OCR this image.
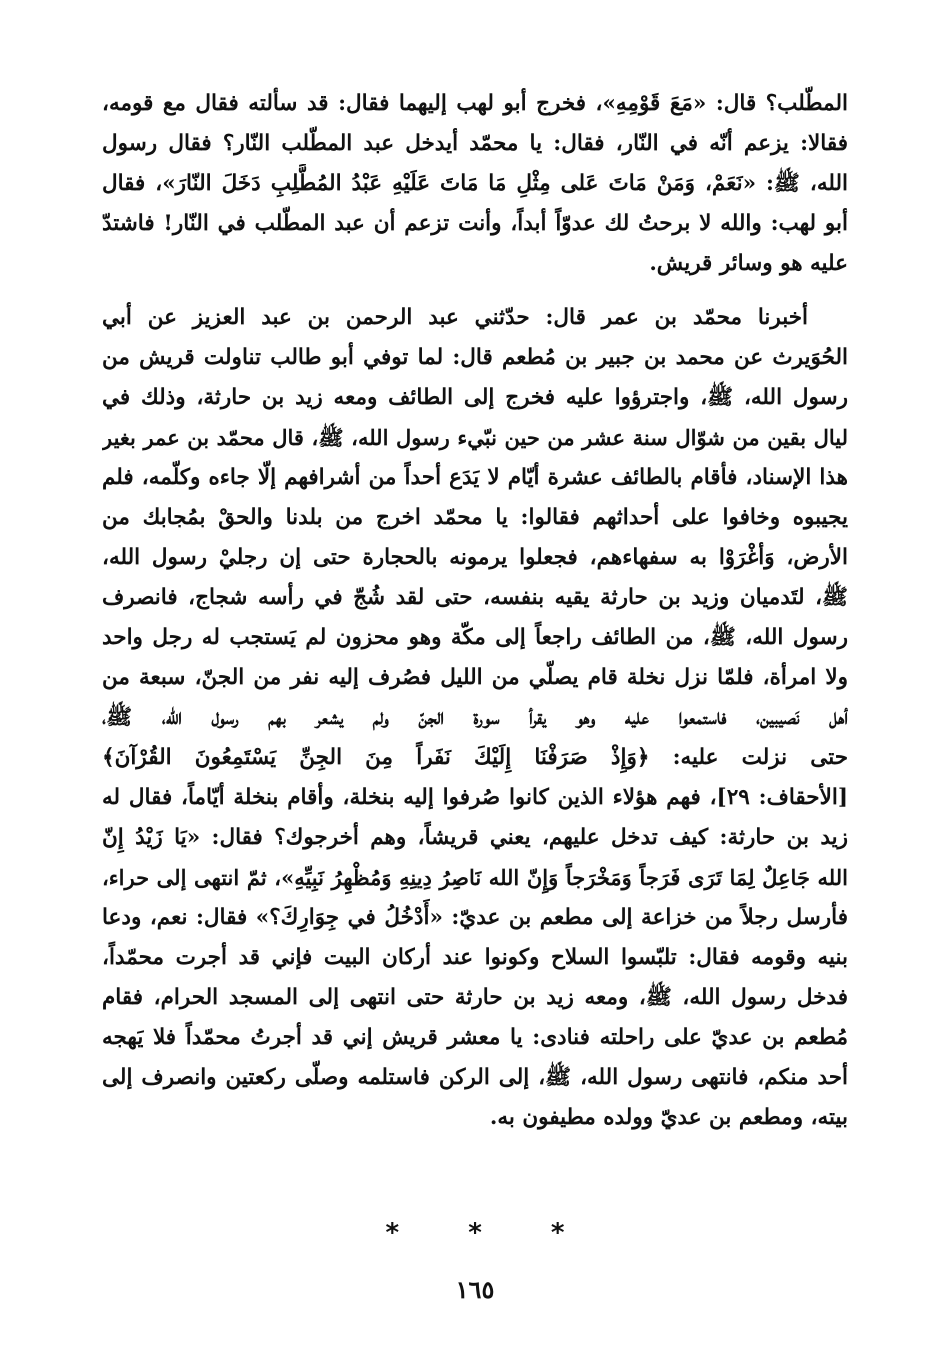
المطّلب؟ قال: «مَعَ قَوْمِهِ»، فخرج أبو لهب إليهما فقال: قد سألته فقال مع قومه،
فقالا: يزعم أنّه في النّار، فقال: يا محمّد أيدخل عبد المطّلب النّار؟ فقال رسول
الله، ﷺ: «نَعَمْ، وَمَنْ مَاتَ عَلى مِثْلِ مَا مَاتَ عَلَيْهِ عَبْدُ المُطَّلِبِ دَخَلَ النّارَ»، فقال
أبو لهب: والله لا برحتُ لك عدوّاً أبداً، وأنت تزعم أن عبد المطّلب في النّار! فاشتدّ
عليه هو وسائر قريش.
أخبرنا محمّد بن عمر قال: حدّثني عبد الرحمن بن عبد العزيز عن أبي
الحُوَيرث عن محمد بن جبير بن مُطعم قال: لما توفي أبو طالب تناولت قريش من
رسول الله، ﷺ، واجترؤوا عليه فخرج إلى الطائف ومعه زيد بن حارثة، وذلك في
ليال بقين من شوّال سنة عشر من حين نبّيء رسول الله، ﷺ، قال محمّد بن عمر بغير
هذا الإسناد، فأقام بالطائف عشرة أيّام لا يَدَع أحداً من أشرافهم إلّا جاءه وكلّمه، فلم
يجيبوه وخافوا على أحداثهم فقالوا: يا محمّد اخرج من بلدنا والحقْ بمُجابك من
الأرض، وَأغْرَوْا به سفهاءهم، فجعلوا يرمونه بالحجارة حتى إن رجليْ رسول الله،
ﷺ، لتَدميان وزيد بن حارثة يقيه بنفسه، حتى لقد شُجّ في رأسه شجاج، فانصرف
رسول الله، ﷺ، من الطائف راجعاً إلى مكّة وهو محزون لم يَستجب له رجل واحد
ولا امرأة، فلمّا نزل نخلة قام يصلّي من الليل فصُرف إليه نفر من الجنّ، سبعة من
أهل نَصيبين، فاستمعوا عليه وهو يقرأ سورة الجنّ ولم يشعر بهم رسول الله، ﷺ،
حتى نزلت عليه: ﴿وَإِذْ صَرَفْنَا إِلَيْكَ نَفَراً مِنَ الجِنِّ يَسْتَمِعُونَ القُرْآنَ﴾
[الأحقاف: ٢٩]، فهم هؤلاء الذين كانوا صُرفوا إليه بنخلة، وأقام بنخلة أيّاماً، فقال له
زيد بن حارثة: كيف تدخل عليهم، يعني قريشاً، وهم أخرجوك؟ فقال: «يَا زَيْدُ إِنّ
الله جَاعِلٌ لِمَا تَرَى فَرَجاً وَمَخْرَجاً وَإِنّ الله نَاصِرُ دِينِهِ وَمُظْهِرُ نَبِيِّهِ»، ثمّ انتهى إلى حراء،
فأرسل رجلاً من خزاعة إلى مطعم بن عديّ: «أَدْخُلُ في جِوَارِكَ؟» فقال: نعم، ودعا
بنيه وقومه فقال: تلبّسوا السلاح وكونوا عند أركان البيت فإني قد أجرت محمّداً،
فدخل رسول الله، ﷺ، ومعه زيد بن حارثة حتى انتهى إلى المسجد الحرام، فقام
مُطعم بن عديّ على راحلته فنادى: يا معشر قريش إني قد أجرتُ محمّداً فلا يَهجه
أحد منكم، فانتهى رسول الله، ﷺ، إلى الركن فاستلمه وصلّى ركعتين وانصرف إلى
بيته، ومطعم بن عديّ وولده مطيفون به.
*	*	*
١٦٥
